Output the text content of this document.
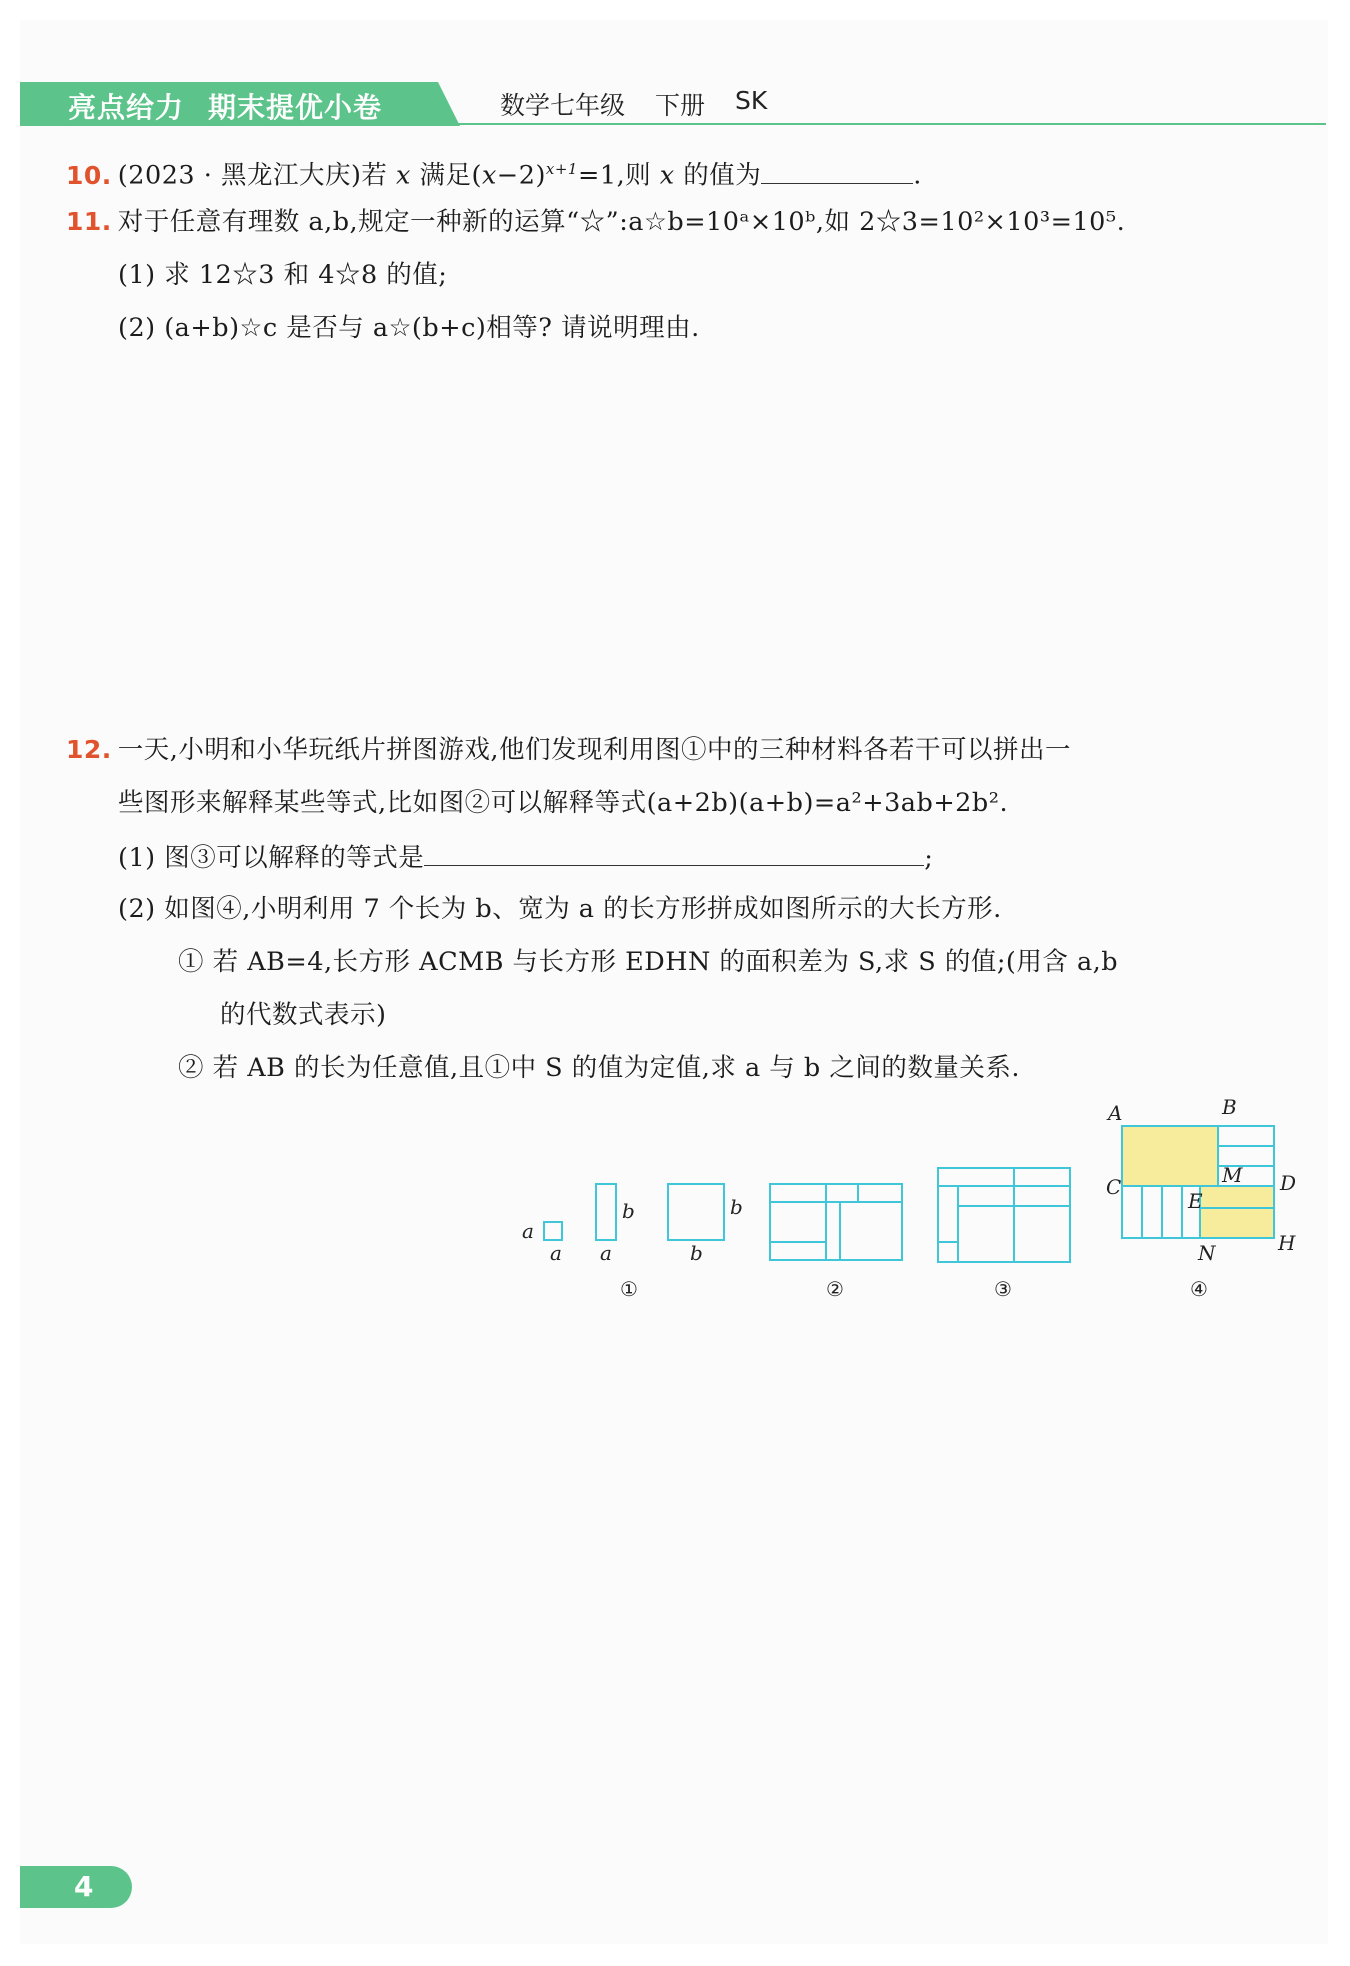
亮点给力 期末提优小卷	数学七年级 下册 SK
10. (2023 · 黑龙江大庆)若 x 满足$(x-2)^{x+1}=1$,则 x 的值为	.
11. 对于任意有理数 a,b,规定一种新的运算“☆”:a☆b=10ᵃ×10ᵇ,如 2☆3=10²×10³=10⁵.
(1) 求 12☆3 和 4☆8 的值;
(2) (a+b)☆c 是否与 a☆(b+c)相等? 请说明理由.
12. 一天,小明和小华玩纸片拼图游戏,他们发现利用图①中的三种材料各若干可以拼出一
些图形来解释某些等式,比如图②可以解释等式(a+2b)(a+b)=a²+3ab+2b².
(1) 图③可以解释的等式是	;
(2) 如图④,小明利用 7 个长为 b、宽为 a 的长方形拼成如图所示的大长方形.
① 若 AB=4,长方形 ACMB 与长方形 EDHN 的面积差为 S,求 S 的值;(用含 a,b
的代数式表示)
② 若 AB 的长为任意值,且①中 S 的值为定值,求 a 与 b 之间的数量关系.
a
a a
b	b
b
A	B
C	D
M
E
N	H
①	②	③	④
4
